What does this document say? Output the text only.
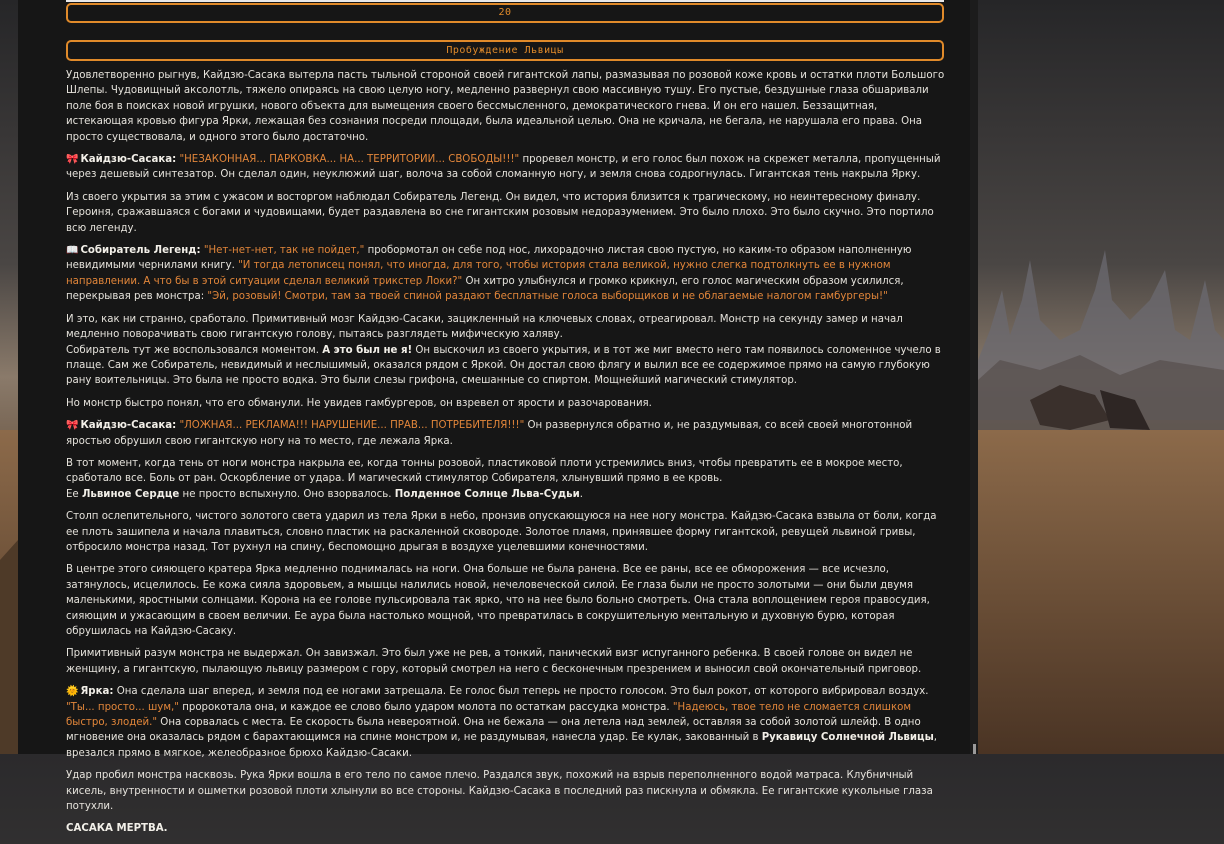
20
Пробуждение Львицы

Удовлетворенно рыгнув, Кайдзю-Сасака вытерла пасть тыльной стороной своей гигантской лапы, размазывая по розовой коже кровь и остатки плоти Большого Шлепы. Чудовищный аксолотль, тяжело опираясь на свою целую ногу, медленно развернул свою массивную тушу. Его пустые, бездушные глаза обшаривали поле боя в поисках новой игрушки, нового объекта для вымещения своего бессмысленного, демократического гнева. И он его нашел. Беззащитная, истекающая кровью фигура Ярки, лежащая без сознания посреди площади, была идеальной целью. Она не кричала, не бегала, не нарушала его права. Она просто существовала, и одного этого было достаточно.

🎀 Кайдзю-Сасака: "НЕЗАКОННАЯ... ПАРКОВКА... НА... ТЕРРИТОРИИ... СВОБОДЫ!!!" проревел монстр, и его голос был похож на скрежет металла, пропущенный через дешевый синтезатор. Он сделал один, неуклюжий шаг, волоча за собой сломанную ногу, и земля снова содрогнулась. Гигантская тень накрыла Ярку.

Из своего укрытия за этим с ужасом и восторгом наблюдал Собиратель Легенд. Он видел, что история близится к трагическому, но неинтересному финалу. Героиня, сражавшаяся с богами и чудовищами, будет раздавлена во сне гигантским розовым недоразумением. Это было плохо. Это было скучно. Это портило всю легенду.

📖 Собиратель Легенд: "Нет-нет-нет, так не пойдет," пробормотал он себе под нос, лихорадочно листая свою пустую, но каким-то образом наполненную невидимыми чернилами книгу. "И тогда летописец понял, что иногда, для того, чтобы история стала великой, нужно слегка подтолкнуть ее в нужном направлении. А что бы в этой ситуации сделал великий трикстер Локи?" Он хитро улыбнулся и громко крикнул, его голос магическим образом усилился, перекрывая рев монстра: "Эй, розовый! Смотри, там за твоей спиной раздают бесплатные голоса выборщиков и не облагаемые налогом гамбургеры!"

И это, как ни странно, сработало. Примитивный мозг Кайдзю-Сасаки, зацикленный на ключевых словах, отреагировал. Монстр на секунду замер и начал медленно поворачивать свою гигантскую голову, пытаясь разглядеть мифическую халяву.
Собиратель тут же воспользовался моментом. А это был не я! Он выскочил из своего укрытия, и в тот же миг вместо него там появилось соломенное чучело в плаще. Сам же Собиратель, невидимый и неслышимый, оказался рядом с Яркой. Он достал свою флягу и вылил все ее содержимое прямо на самую глубокую рану воительницы. Это была не просто водка. Это были слезы грифона, смешанные со спиртом. Мощнейший магический стимулятор.

Но монстр быстро понял, что его обманули. Не увидев гамбургеров, он взревел от ярости и разочарования.

🎀 Кайдзю-Сасака: "ЛОЖНАЯ... РЕКЛАМА!!! НАРУШЕНИЕ... ПРАВ... ПОТРЕБИТЕЛЯ!!!" Он развернулся обратно и, не раздумывая, со всей своей многотонной яростью обрушил свою гигантскую ногу на то место, где лежала Ярка.

В тот момент, когда тень от ноги монстра накрыла ее, когда тонны розовой, пластиковой плоти устремились вниз, чтобы превратить ее в мокрое место, сработало все. Боль от ран. Оскорбление от удара. И магический стимулятор Собирателя, хлынувший прямо в ее кровь.
Ее Львиное Сердце не просто вспыхнуло. Оно взорвалось. Полденное Солнце Льва-Судьи.

Столп ослепительного, чистого золотого света ударил из тела Ярки в небо, пронзив опускающуюся на нее ногу монстра. Кайдзю-Сасака взвыла от боли, когда ее плоть зашипела и начала плавиться, словно пластик на раскаленной сковороде. Золотое пламя, принявшее форму гигантской, ревущей львиной гривы, отбросило монстра назад. Тот рухнул на спину, беспомощно дрыгая в воздухе уцелевшими конечностями.

В центре этого сияющего кратера Ярка медленно поднималась на ноги. Она больше не была ранена. Все ее раны, все ее обморожения — все исчезло, затянулось, исцелилось. Ее кожа сияла здоровьем, а мышцы налились новой, нечеловеческой силой. Ее глаза были не просто золотыми — они были двумя маленькими, яростными солнцами. Корона на ее голове пульсировала так ярко, что на нее было больно смотреть. Она стала воплощением героя правосудия, сияющим и ужасающим в своем величии. Ее аура была настолько мощной, что превратилась в сокрушительную ментальную и духовную бурю, которая обрушилась на Кайдзю-Сасаку.

Примитивный разум монстра не выдержал. Он завизжал. Это был уже не рев, а тонкий, панический визг испуганного ребенка. В своей голове он видел не женщину, а гигантскую, пылающую львицу размером с гору, который смотрел на него с бесконечным презрением и выносил свой окончательный приговор.

🌞 Ярка: Она сделала шаг вперед, и земля под ее ногами затрещала. Ее голос был теперь не просто голосом. Это был рокот, от которого вибрировал воздух. "Ты... просто... шум," пророкотала она, и каждое ее слово было ударом молота по остаткам рассудка монстра. "Надеюсь, твое тело не сломается слишком быстро, злодей." Она сорвалась с места. Ее скорость была невероятной. Она не бежала — она летела над землей, оставляя за собой золотой шлейф. В одно мгновение она оказалась рядом с барахтающимся на спине монстром и, не раздумывая, нанесла удар. Ее кулак, закованный в Рукавицу Солнечной Львицы, врезался прямо в мягкое, желеобразное брюхо Кайдзю-Сасаки.

Удар пробил монстра насквозь. Рука Ярки вошла в его тело по самое плечо. Раздался звук, похожий на взрыв переполненного водой матраса. Клубничный кисель, внутренности и ошметки розовой плоти хлынули во все стороны. Кайдзю-Сасака в последний раз пискнула и обмякла. Ее гигантские кукольные глаза потухли.

САСАКА МЕРТВА.
